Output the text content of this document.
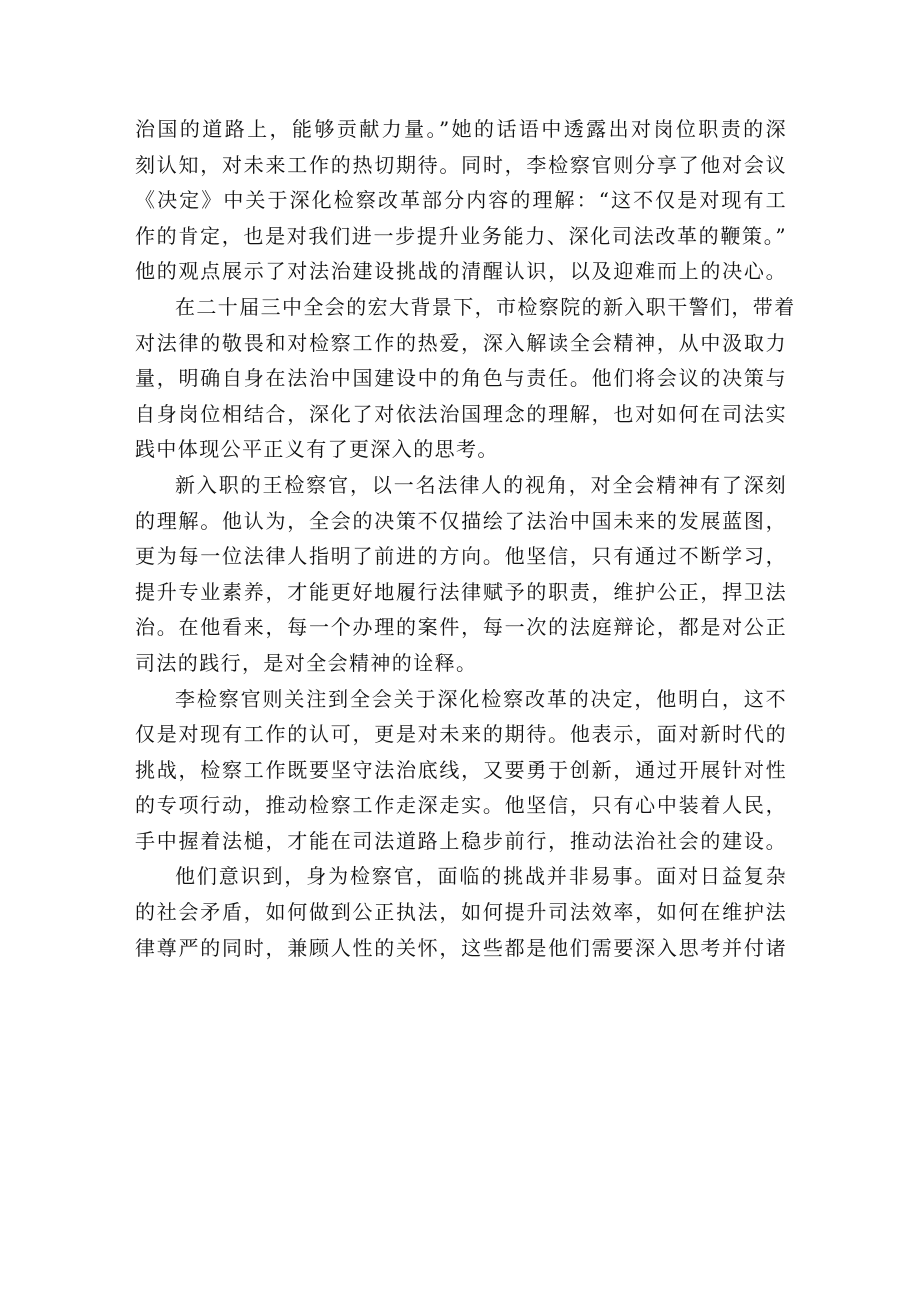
治国的道路上，能够贡献力量。”她的话语中透露出对岗位职责的深
刻认知，对未来工作的热切期待。同时，李检察官则分享了他对会议
《决定》中关于深化检察改革部分内容的理解：“这不仅是对现有工
作的肯定，也是对我们进一步提升业务能力、深化司法改革的鞭策。”
他的观点展示了对法治建设挑战的清醒认识，以及迎难而上的决心。
在二十届三中全会的宏大背景下，市检察院的新入职干警们，带着
对法律的敬畏和对检察工作的热爱，深入解读全会精神，从中汲取力
量，明确自身在法治中国建设中的角色与责任。他们将会议的决策与
自身岗位相结合，深化了对依法治国理念的理解，也对如何在司法实
践中体现公平正义有了更深入的思考。
新入职的王检察官，以一名法律人的视角，对全会精神有了深刻
的理解。他认为，全会的决策不仅描绘了法治中国未来的发展蓝图，
更为每一位法律人指明了前进的方向。他坚信，只有通过不断学习，
提升专业素养，才能更好地履行法律赋予的职责，维护公正，捍卫法
治。在他看来，每一个办理的案件，每一次的法庭辩论，都是对公正
司法的践行，是对全会精神的诠释。
李检察官则关注到全会关于深化检察改革的决定，他明白，这不
仅是对现有工作的认可，更是对未来的期待。他表示，面对新时代的
挑战，检察工作既要坚守法治底线，又要勇于创新，通过开展针对性
的专项行动，推动检察工作走深走实。他坚信，只有心中装着人民，
手中握着法槌，才能在司法道路上稳步前行，推动法治社会的建设。
他们意识到，身为检察官，面临的挑战并非易事。面对日益复杂
的社会矛盾，如何做到公正执法，如何提升司法效率，如何在维护法
律尊严的同时，兼顾人性的关怀，这些都是他们需要深入思考并付诸
